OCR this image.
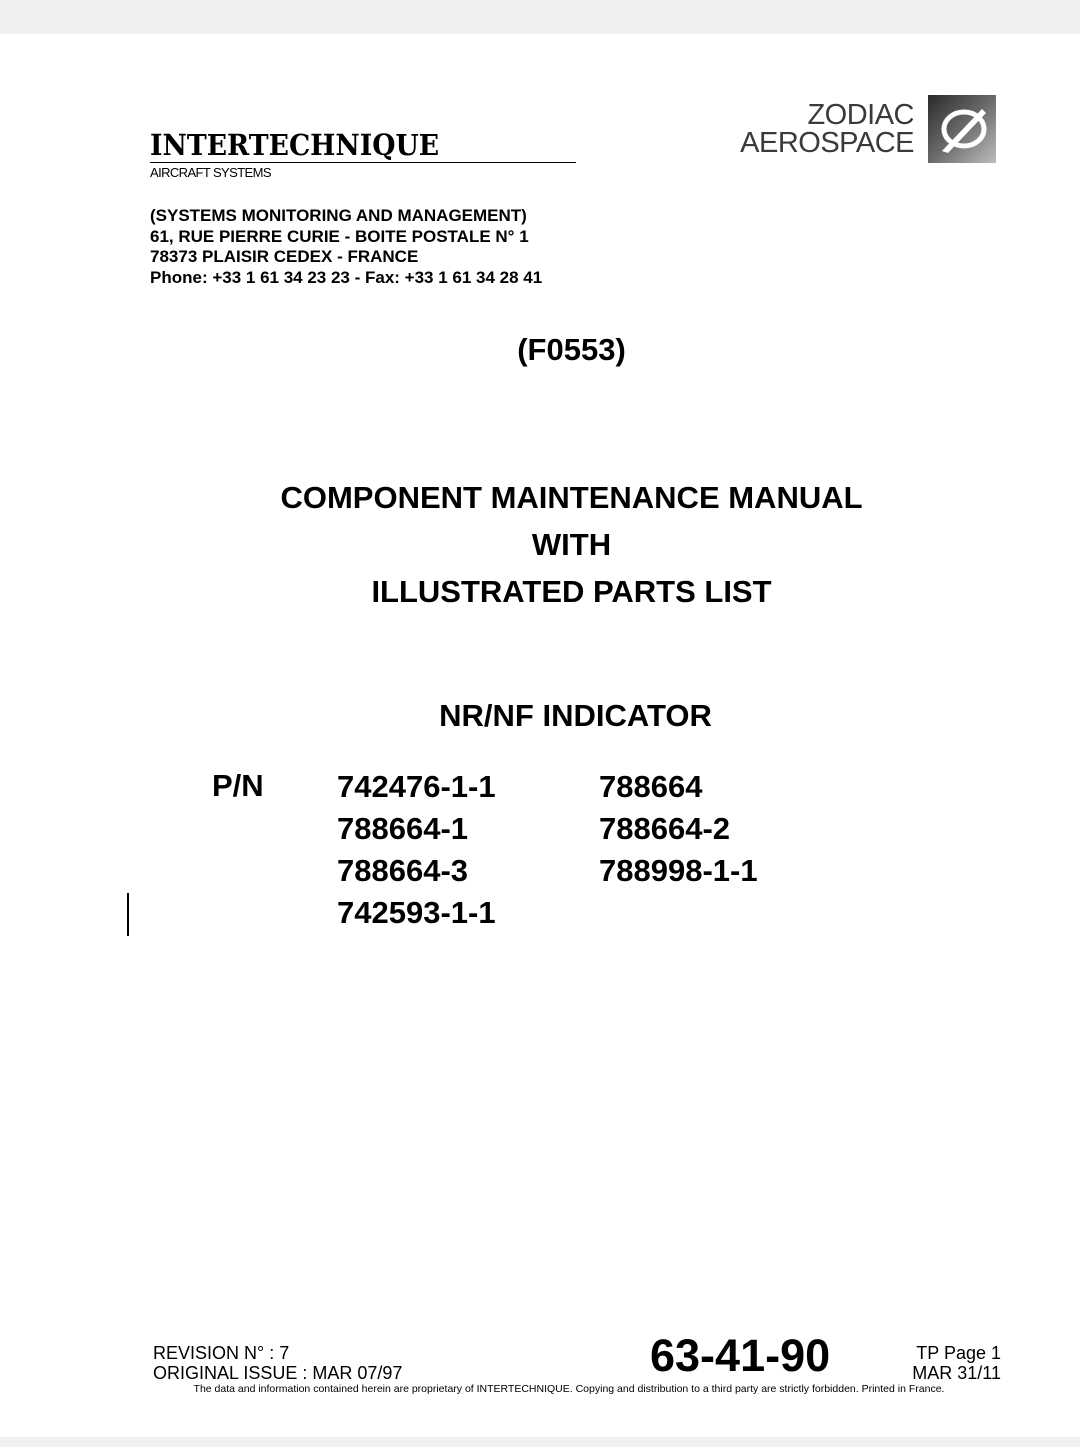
INTERTECHNIQUE
AIRCRAFT SYSTEMS
ZODIAC
AEROSPACE
(SYSTEMS MONITORING AND MANAGEMENT)
61, RUE PIERRE CURIE - BOITE POSTALE N° 1
78373 PLAISIR CEDEX - FRANCE
Phone: +33 1 61 34 23 23 - Fax: +33 1 61 34 28 41
(F0553)
COMPONENT MAINTENANCE MANUAL
WITH
ILLUSTRATED PARTS LIST
NR/NF INDICATOR
P/N 742476-1-1	788664
788664-1	788664-2
788664-3	788998-1-1
742593-1-1
REVISION N° : 7
ORIGINAL ISSUE : MAR 07/97	63-41-90	TP Page 1
MAR 31/11
The data and information contained herein are proprietary of INTERTECHNIQUE. Copying and distribution to a third party are strictly forbidden. Printed in France.
